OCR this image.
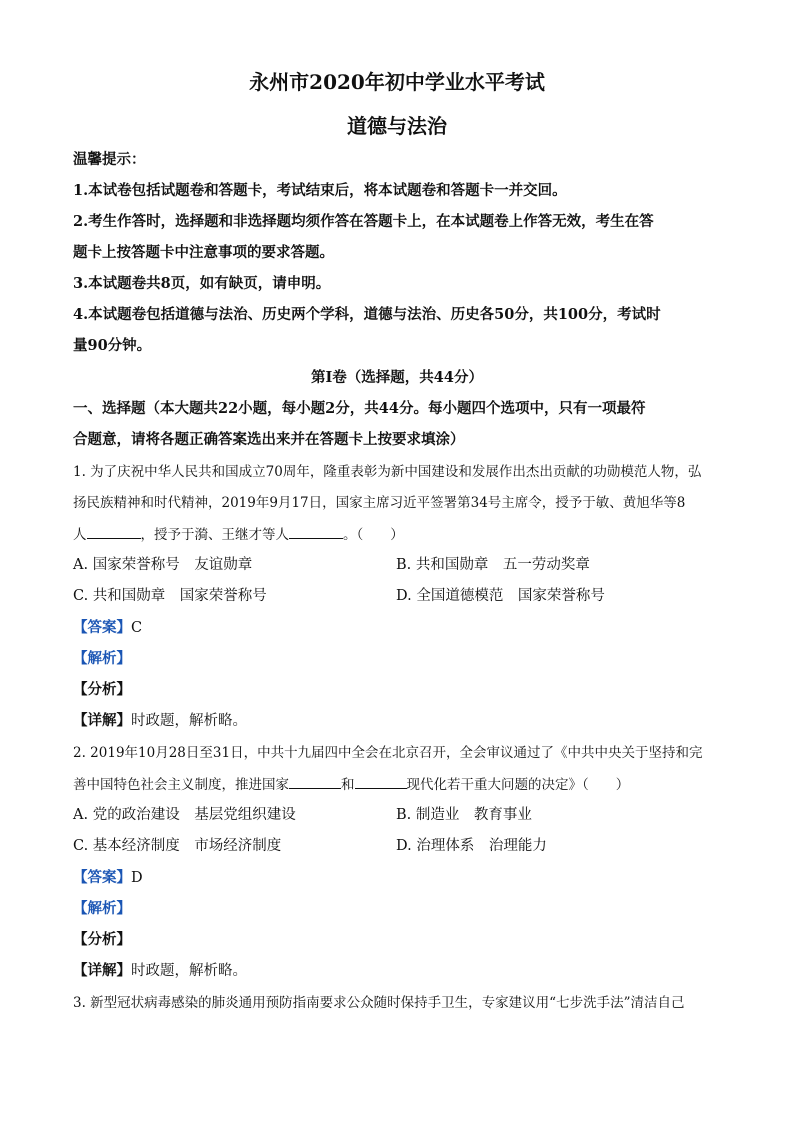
永州市2020年初中学业水平考试
道德与法治
温馨提示：
1.本试卷包括试题卷和答题卡，考试结束后，将本试题卷和答题卡一并交回。
2.考生作答时，选择题和非选择题均须作答在答题卡上，在本试题卷上作答无效，考生在答
题卡上按答题卡中注意事项的要求答题。
3.本试题卷共8页，如有缺页，请申明。
4.本试题卷包括道德与法治、历史两个学科，道德与法治、历史各50分，共100分，考试时
量90分钟。
第Ⅰ卷（选择题，共44分）
一、选择题（本大题共22小题，每小题2分，共44分。每小题四个选项中，只有一项最符
合题意，请将各题正确答案选出来并在答题卡上按要求填涂）
1. 为了庆祝中华人民共和国成立70周年，隆重表彰为新中国建设和发展作出杰出贡献的功勋模范人物，弘
扬民族精神和时代精神，2019年9月17日，国家主席习近平签署第34号主席令，授予于敏、黄旭华等8
人	，授予于漪、王继才等人	。（　　）
A. 国家荣誉称号　友谊勋章	B. 共和国勋章　五一劳动奖章
C. 共和国勋章　国家荣誉称号	D. 全国道德模范　国家荣誉称号
【答案】C
【解析】
【分析】
【详解】时政题，解析略。
2. 2019年10月28日至31日，中共十九届四中全会在北京召开，全会审议通过了《中共中央关于坚持和完
善中国特色社会主义制度，推进国家	和	现代化若干重大问题的决定》（　　）
A. 党的政治建设　基层党组织建设	B. 制造业　教育事业
C. 基本经济制度　市场经济制度	D. 治理体系　治理能力
【答案】D
【解析】
【分析】
【详解】时政题，解析略。
3. 新型冠状病毒感染的肺炎通用预防指南要求公众随时保持手卫生，专家建议用“七步洗手法”清洁自己
